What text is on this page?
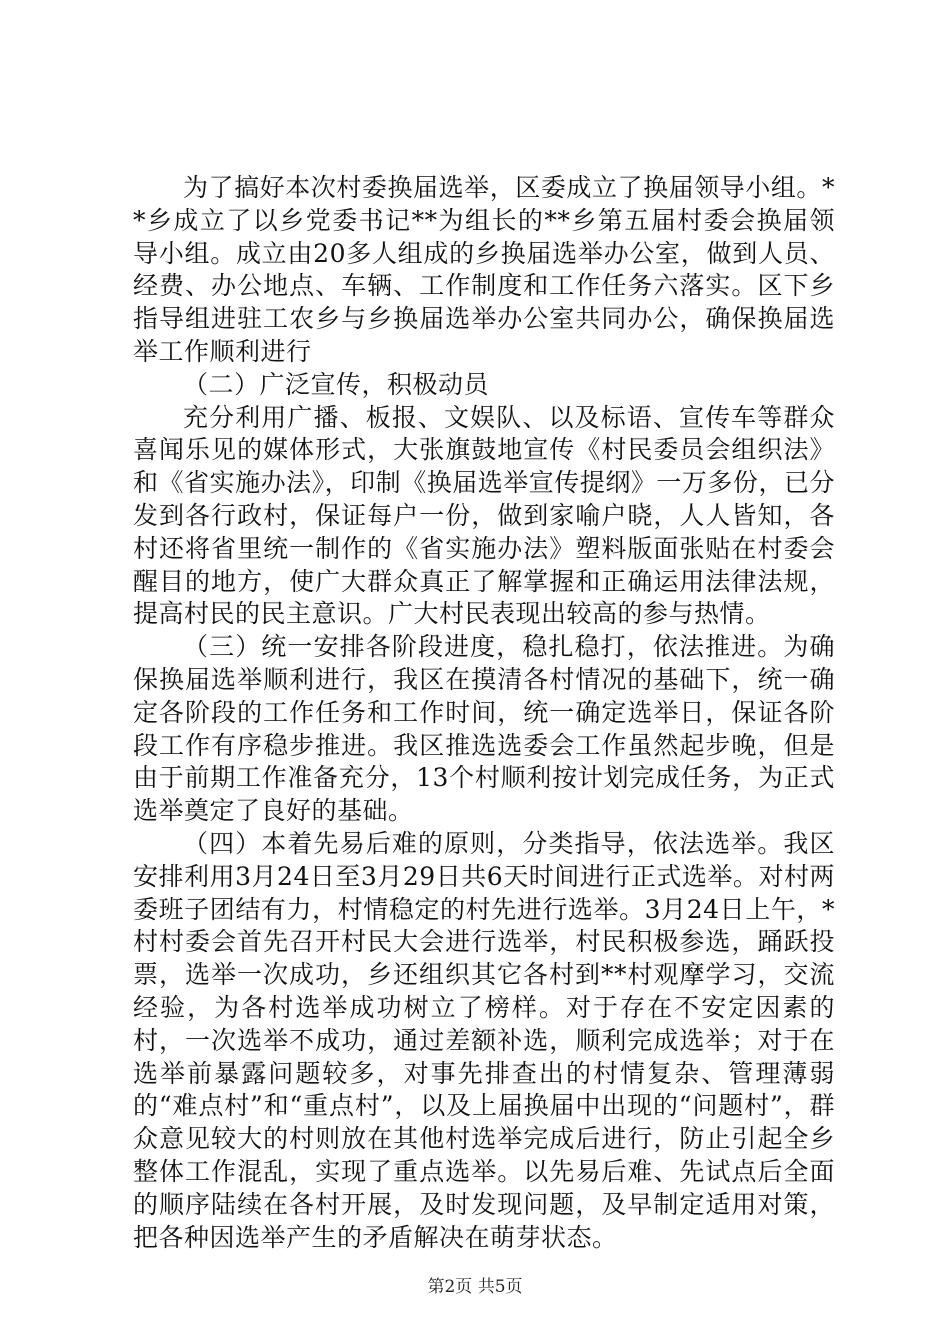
为了搞好本次村委换届选举，区委成立了换届领导小组。**乡成立了以乡党委书记**为组长的**乡第五届村委会换届领导小组。成立由20多人组成的乡换届选举办公室，做到人员、经费、办公地点、车辆、工作制度和工作任务六落实。区下乡指导组进驻工农乡与乡换届选举办公室共同办公，确保换届选举工作顺利进行

（二）广泛宣传，积极动员

充分利用广播、板报、文娱队、以及标语、宣传车等群众喜闻乐见的媒体形式，大张旗鼓地宣传《村民委员会组织法》和《省实施办法》，印制《换届选举宣传提纲》一万多份，已分发到各行政村，保证每户一份，做到家喻户晓，人人皆知，各村还将省里统一制作的《省实施办法》塑料版面张贴在村委会醒目的地方，使广大群众真正了解掌握和正确运用法律法规，提高村民的民主意识。广大村民表现出较高的参与热情。

（三）统一安排各阶段进度，稳扎稳打，依法推进。为确保换届选举顺利进行，我区在摸清各村情况的基础下，统一确定各阶段的工作任务和工作时间，统一确定选举日，保证各阶段工作有序稳步推进。我区推选选委会工作虽然起步晚，但是由于前期工作准备充分，13个村顺利按计划完成任务，为正式选举奠定了良好的基础。

（四）本着先易后难的原则，分类指导，依法选举。我区安排利用3月24日至3月29日共6天时间进行正式选举。对村两委班子团结有力，村情稳定的村先进行选举。3月24日上午，*村村委会首先召开村民大会进行选举，村民积极参选，踊跃投票，选举一次成功，乡还组织其它各村到**村观摩学习，交流经验，为各村选举成功树立了榜样。对于存在不安定因素的村，一次选举不成功，通过差额补选，顺利完成选举；对于在选举前暴露问题较多，对事先排查出的村情复杂、管理薄弱的“难点村”和“重点村”，以及上届换届中出现的“问题村”，群众意见较大的村则放在其他村选举完成后进行，防止引起全乡整体工作混乱，实现了重点选举。以先易后难、先试点后全面的顺序陆续在各村开展，及时发现问题，及早制定适用对策，把各种因选举产生的矛盾解决在萌芽状态。

第2页 共5页
